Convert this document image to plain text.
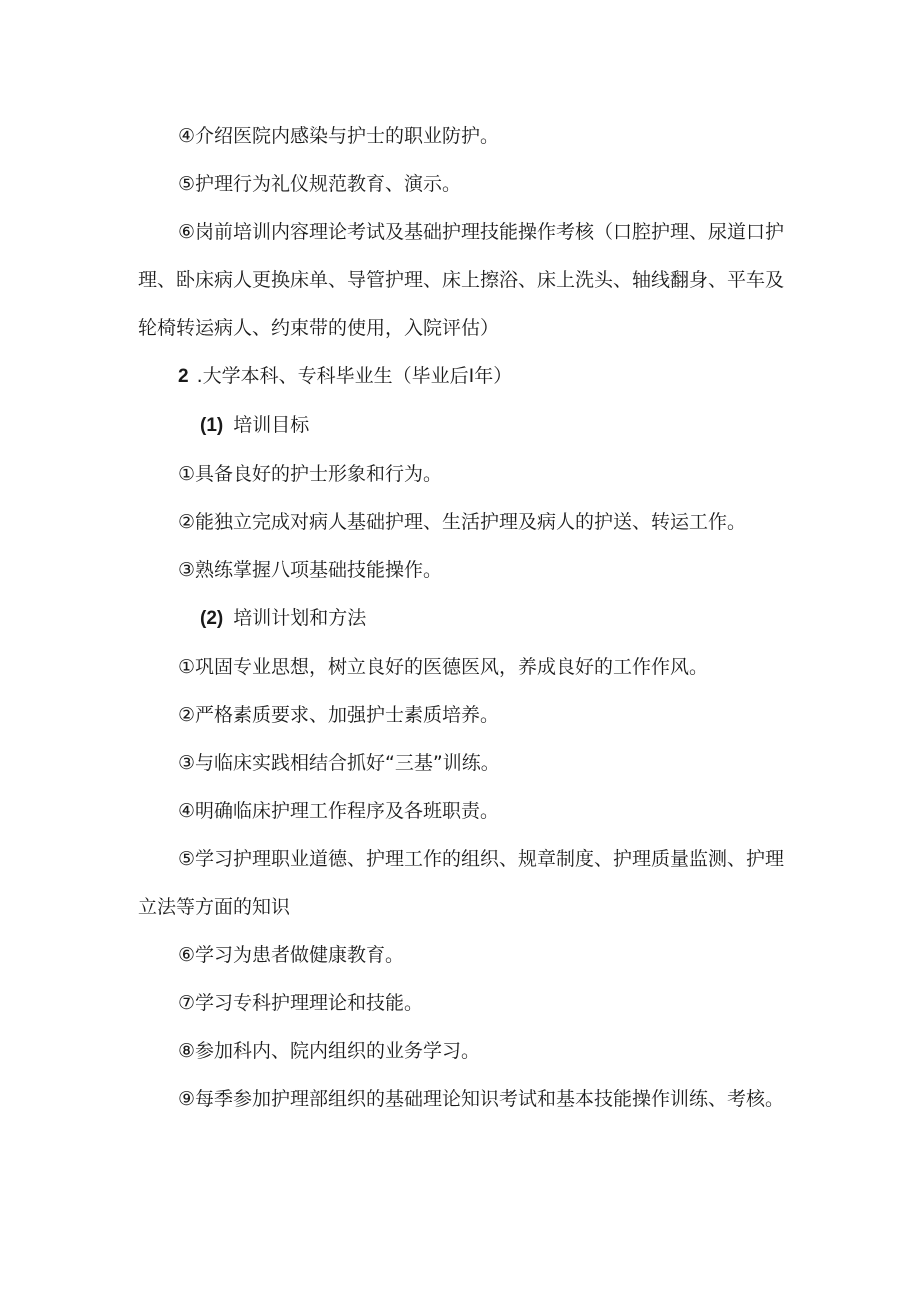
④介绍医院内感染与护士的职业防护。

⑤护理行为礼仪规范教育、演示。

⑥岗前培训内容理论考试及基础护理技能操作考核（口腔护理、尿道口护理、卧床病人更换床单、导管护理、床上擦浴、床上洗头、轴线翻身、平车及轮椅转运病人、约束带的使用，入院评估）

2 .大学本科、专科毕业生（毕业后I年）

(1) 培训目标

①具备良好的护士形象和行为。

②能独立完成对病人基础护理、生活护理及病人的护送、转运工作。

③熟练掌握八项基础技能操作。

(2) 培训计划和方法

①巩固专业思想，树立良好的医德医风，养成良好的工作作风。

②严格素质要求、加强护士素质培养。

③与临床实践相结合抓好“三基”训练。

④明确临床护理工作程序及各班职责。

⑤学习护理职业道德、护理工作的组织、规章制度、护理质量监测、护理立法等方面的知识

⑥学习为患者做健康教育。

⑦学习专科护理理论和技能。

⑧参加科内、院内组织的业务学习。

⑨每季参加护理部组织的基础理论知识考试和基本技能操作训练、考核。
